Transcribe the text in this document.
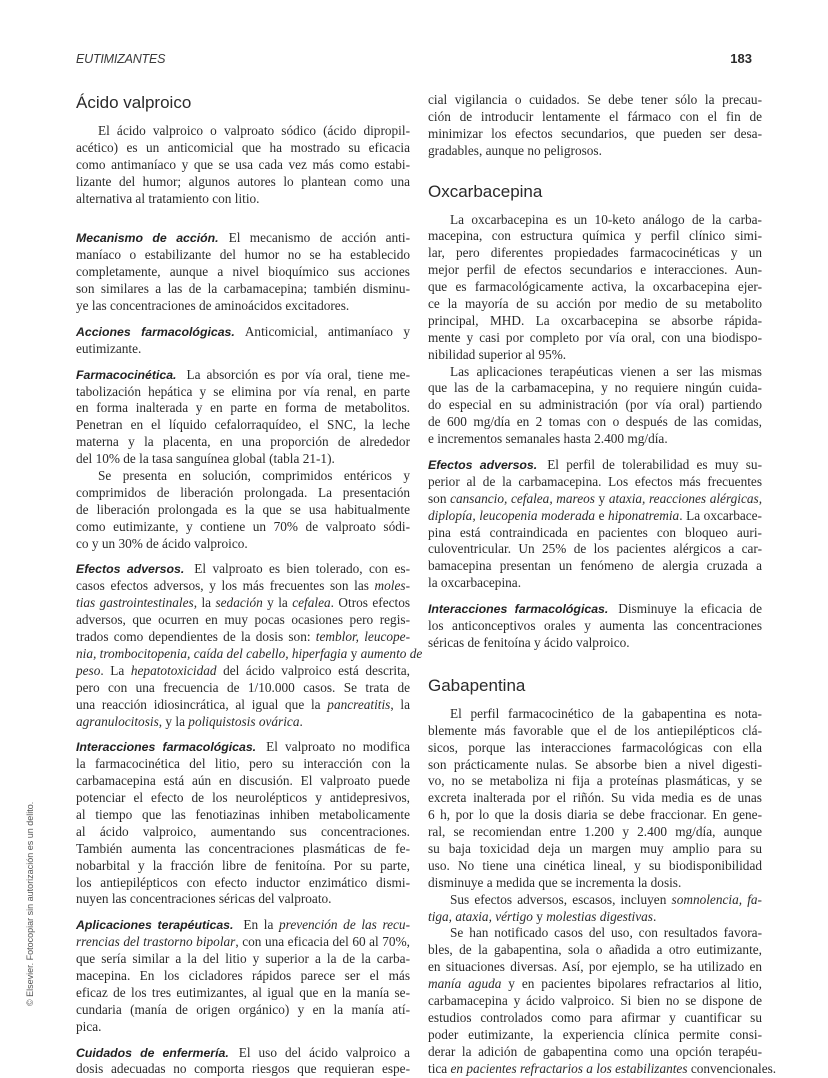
EUTIMIZANTES	183
© Elsevier. Fotocopiar sin autorización es un delito.
Ácido valproico
El ácido valproico o valproato sódico (ácido dipropil-
acético) es un anticomicial que ha mostrado su eficacia
como antimaníaco y que se usa cada vez más como estabi-
lizante del humor; algunos autores lo plantean como una
alternativa al tratamiento con litio.
Mecanismo de acción. El mecanismo de acción anti-
maníaco o estabilizante del humor no se ha establecido
completamente, aunque a nivel bioquímico sus acciones
son similares a las de la carbamacepina; también disminu-
ye las concentraciones de aminoácidos excitadores.
Acciones farmacológicas. Anticomicial, antimaníaco y
eutimizante.
Farmacocinética. La absorción es por vía oral, tiene me-
tabolización hepática y se elimina por vía renal, en parte
en forma inalterada y en parte en forma de metabolitos.
Penetran en el líquido cefalorraquídeo, el SNC, la leche
materna y la placenta, en una proporción de alrededor
del 10% de la tasa sanguínea global (tabla 21-1).
Se presenta en solución, comprimidos entéricos y
comprimidos de liberación prolongada. La presentación
de liberación prolongada es la que se usa habitualmente
como eutimizante, y contiene un 70% de valproato sódi-
co y un 30% de ácido valproico.
Efectos adversos. El valproato es bien tolerado, con es-
casos efectos adversos, y los más frecuentes son las moles-
tias gastrointestinales, la sedación y la cefalea. Otros efectos
adversos, que ocurren en muy pocas ocasiones pero regis-
trados como dependientes de la dosis son: temblor, leucope-
nia, trombocitopenia, caída del cabello, hiperfagia y aumento de
peso. La hepatotoxicidad del ácido valproico está descrita,
pero con una frecuencia de 1/10.000 casos. Se trata de
una reacción idiosincrática, al igual que la pancreatitis, la
agranulocitosis, y la poliquistosis ovárica.
Interacciones farmacológicas. El valproato no modifica
la farmacocinética del litio, pero su interacción con la
carbamacepina está aún en discusión. El valproato puede
potenciar el efecto de los neurolépticos y antidepresivos,
al tiempo que las fenotiazinas inhiben metabolicamente
al ácido valproico, aumentando sus concentraciones.
También aumenta las concentraciones plasmáticas de fe-
nobarbital y la fracción libre de fenitoína. Por su parte,
los antiepilépticos con efecto inductor enzimático dismi-
nuyen las concentraciones séricas del valproato.
Aplicaciones terapéuticas. En la prevención de las recu-
rrencias del trastorno bipolar, con una eficacia del 60 al 70%,
que sería similar a la del litio y superior a la de la carba-
macepina. En los cicladores rápidos parece ser el más
eficaz de los tres eutimizantes, al igual que en la manía se-
cundaria (manía de origen orgánico) y en la manía atí-
pica.
Cuidados de enfermería. El uso del ácido valproico a
dosis adecuadas no comporta riesgos que requieran espe-
cial vigilancia o cuidados. Se debe tener sólo la precau-
ción de introducir lentamente el fármaco con el fin de
minimizar los efectos secundarios, que pueden ser desa-
gradables, aunque no peligrosos.
Oxcarbacepina
La oxcarbacepina es un 10-keto análogo de la carba-
macepina, con estructura química y perfil clínico simi-
lar, pero diferentes propiedades farmacocinéticas y un
mejor perfil de efectos secundarios e interacciones. Aun-
que es farmacológicamente activa, la oxcarbacepina ejer-
ce la mayoría de su acción por medio de su metabolito
principal, MHD. La oxcarbacepina se absorbe rápida-
mente y casi por completo por vía oral, con una biodispo-
nibilidad superior al 95%.
Las aplicaciones terapéuticas vienen a ser las mismas
que las de la carbamacepina, y no requiere ningún cuida-
do especial en su administración (por vía oral) partiendo
de 600 mg/día en 2 tomas con o después de las comidas,
e incrementos semanales hasta 2.400 mg/día.
Efectos adversos. El perfil de tolerabilidad es muy su-
perior al de la carbamacepina. Los efectos más frecuentes
son cansancio, cefalea, mareos y ataxia, reacciones alérgicas,
diplopía, leucopenia moderada e hiponatremia. La oxcarbace-
pina está contraindicada en pacientes con bloqueo auri-
culoventricular. Un 25% de los pacientes alérgicos a car-
bamacepina presentan un fenómeno de alergia cruzada a
la oxcarbacepina.
Interacciones farmacológicas. Disminuye la eficacia de
los anticonceptivos orales y aumenta las concentraciones
séricas de fenitoína y ácido valproico.
Gabapentina
El perfil farmacocinético de la gabapentina es nota-
blemente más favorable que el de los antiepilépticos clá-
sicos, porque las interacciones farmacológicas con ella
son prácticamente nulas. Se absorbe bien a nivel digesti-
vo, no se metaboliza ni fija a proteínas plasmáticas, y se
excreta inalterada por el riñón. Su vida media es de unas
6 h, por lo que la dosis diaria se debe fraccionar. En gene-
ral, se recomiendan entre 1.200 y 2.400 mg/día, aunque
su baja toxicidad deja un margen muy amplio para su
uso. No tiene una cinética lineal, y su biodisponibilidad
disminuye a medida que se incrementa la dosis.
Sus efectos adversos, escasos, incluyen somnolencia, fa-
tiga, ataxia, vértigo y molestias digestivas.
Se han notificado casos del uso, con resultados favora-
bles, de la gabapentina, sola o añadida a otro eutimizante,
en situaciones diversas. Así, por ejemplo, se ha utilizado en
manía aguda y en pacientes bipolares refractarios al litio,
carbamacepina y ácido valproico. Si bien no se dispone de
estudios controlados como para afirmar y cuantificar su
poder eutimizante, la experiencia clínica permite consi-
derar la adición de gabapentina como una opción terapéu-
tica en pacientes refractarios a los estabilizantes convencionales.
